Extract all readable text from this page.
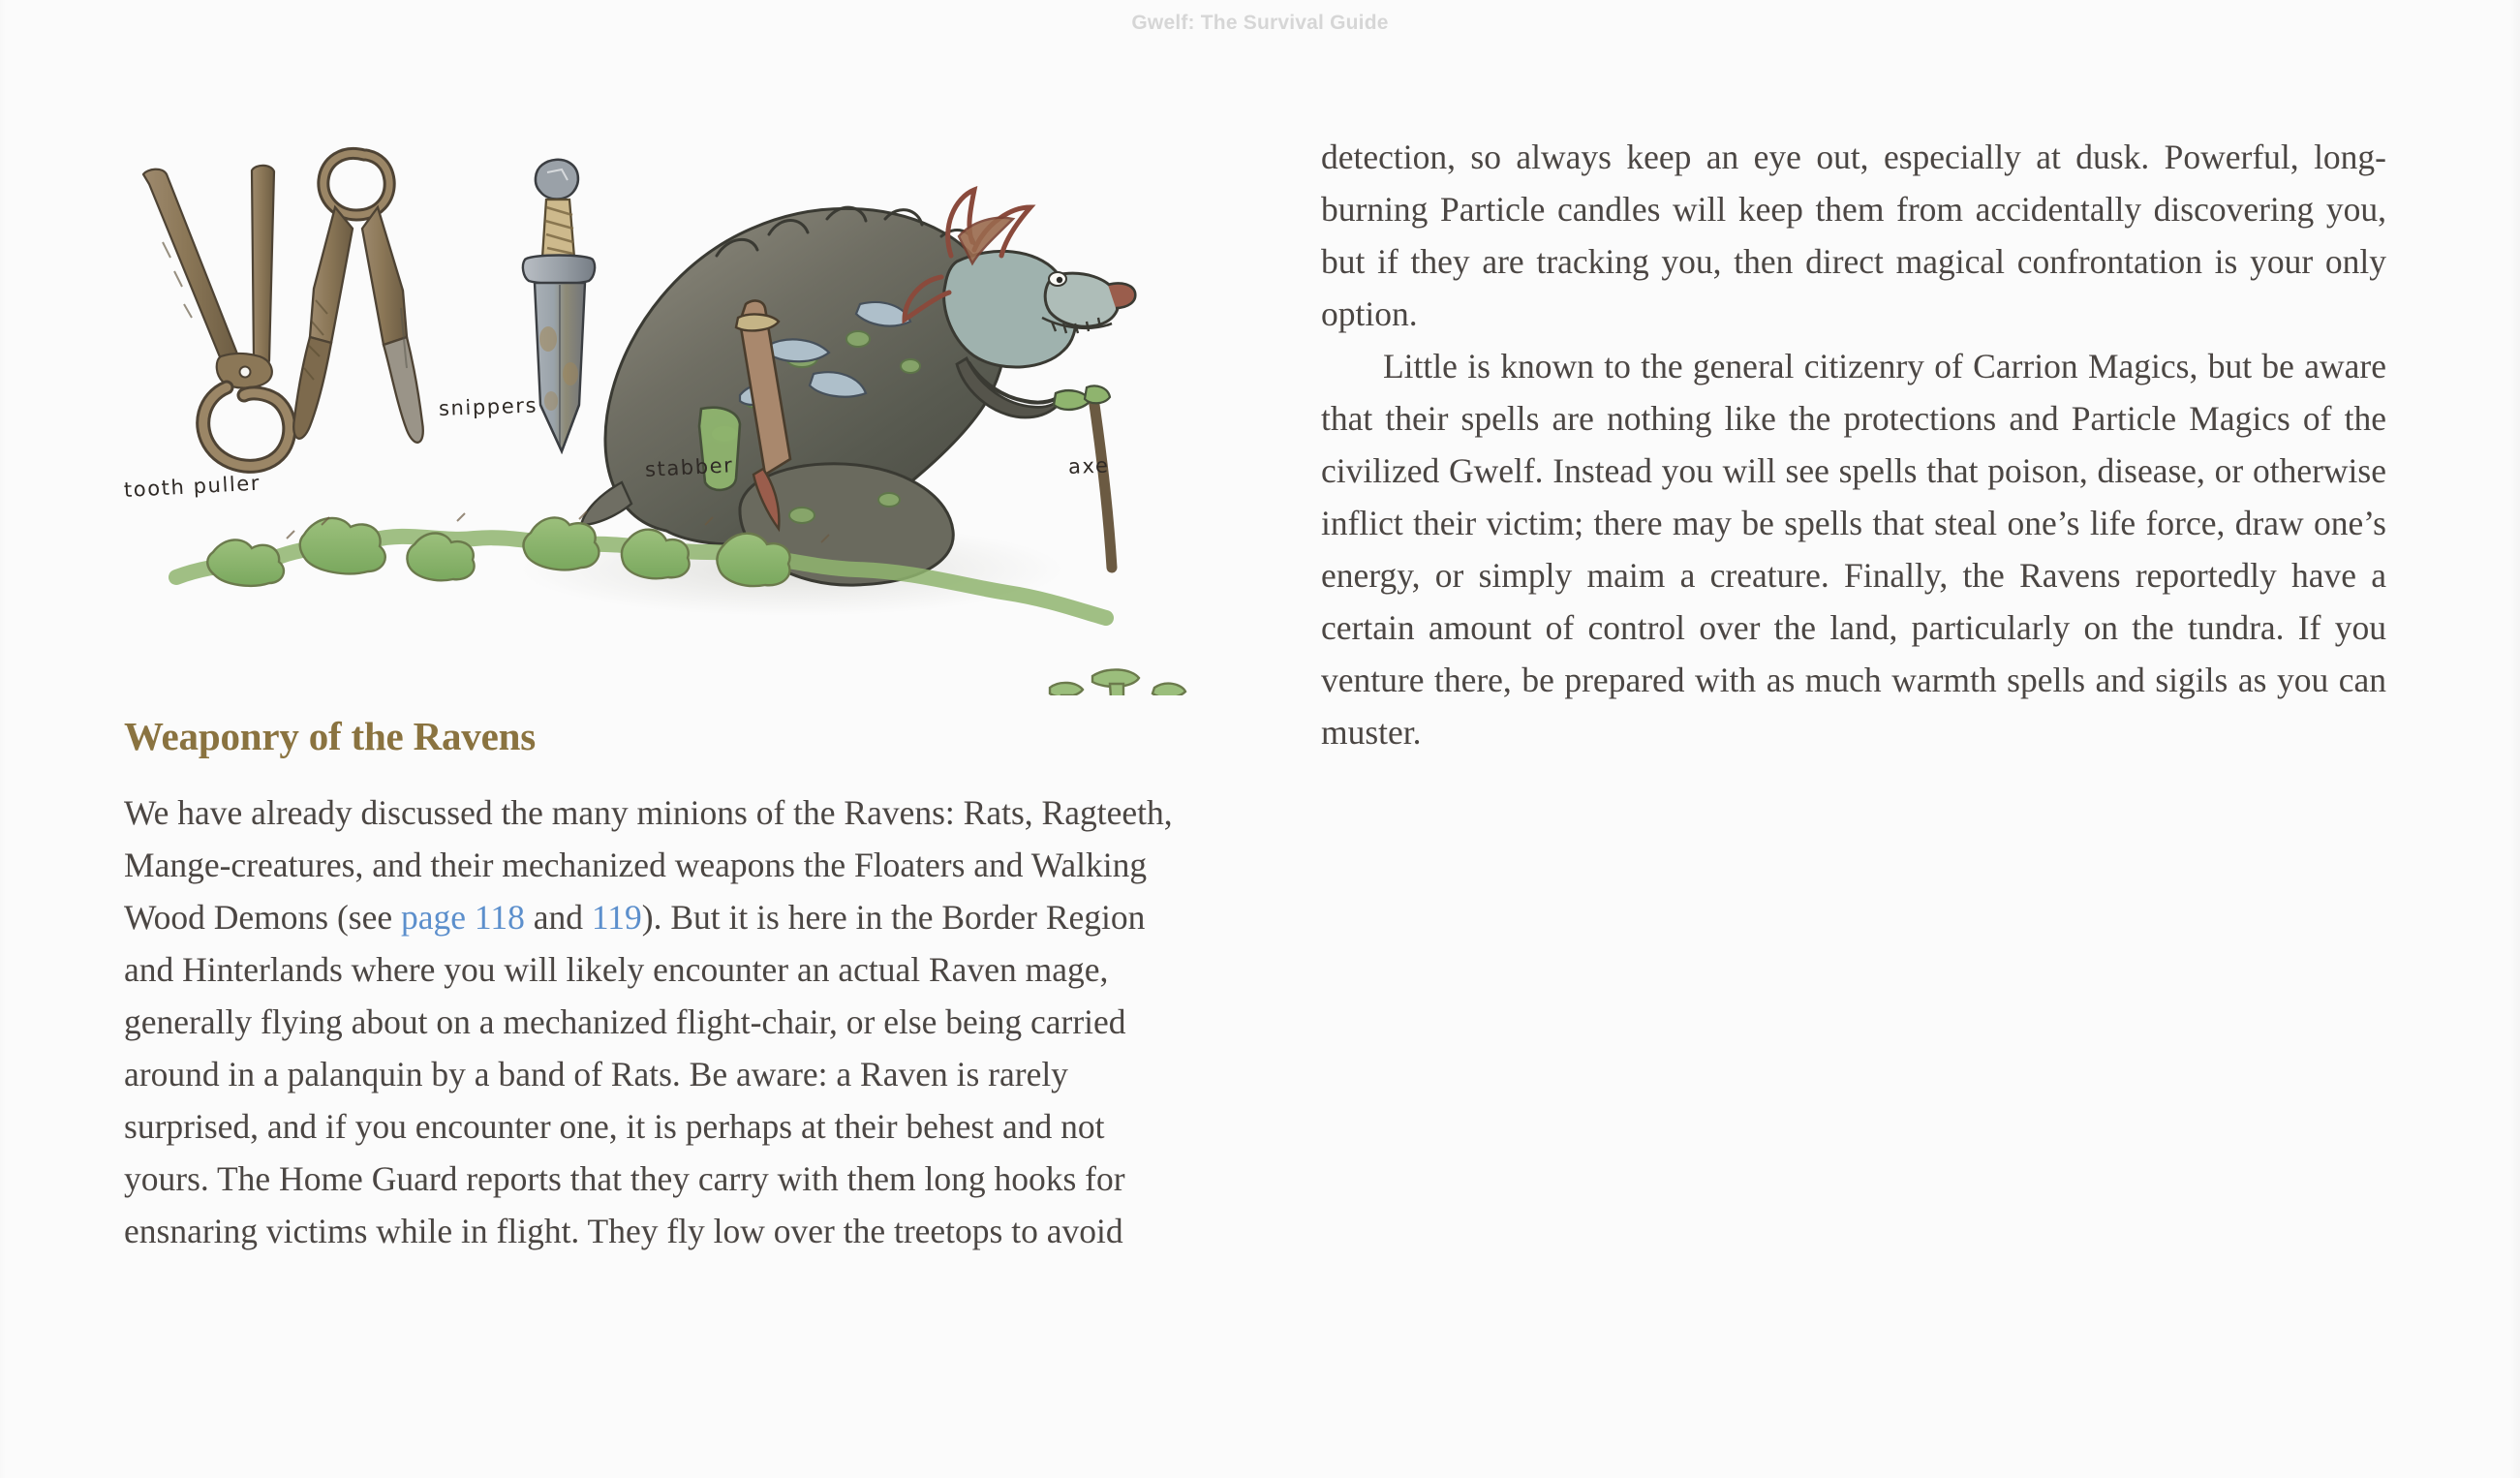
Gwelf: The Survival Guide
tooth puller
snippers
stabber	axe
Weaponry of the Ravens

We have already discussed the many minions of the Ravens: Rats, Ragteeth, Mange-creatures, and their mechanized weapons the Floaters and Walking Wood Demons (see page 118 and 119). But it is here in the Border Region and Hinterlands where you will likely encounter an actual Raven mage, generally flying about on a mechanized flight-chair, or else being carried around in a palanquin by a band of Rats. Be aware: a Raven is rarely surprised, and if you encounter one, it is perhaps at their behest and not yours. The Home Guard reports that they carry with them long hooks for ensnaring victims while in flight. They fly low over the treetops to avoid

detection, so always keep an eye out, especially at dusk. Powerful, long-burning Particle candles will keep them from accidentally discovering you, but if they are tracking you, then direct magical confrontation is your only option.

Little is known to the general citizenry of Carrion Magics, but be aware that their spells are nothing like the protections and Particle Magics of the civilized Gwelf. Instead you will see spells that poison, disease, or otherwise inflict their victim; there may be spells that steal one’s life force, draw one’s energy, or simply maim a creature. Finally, the Ravens reportedly have a certain amount of control over the land, particularly on the tundra. If you venture there, be prepared with as much warmth spells and sigils as you can muster.
